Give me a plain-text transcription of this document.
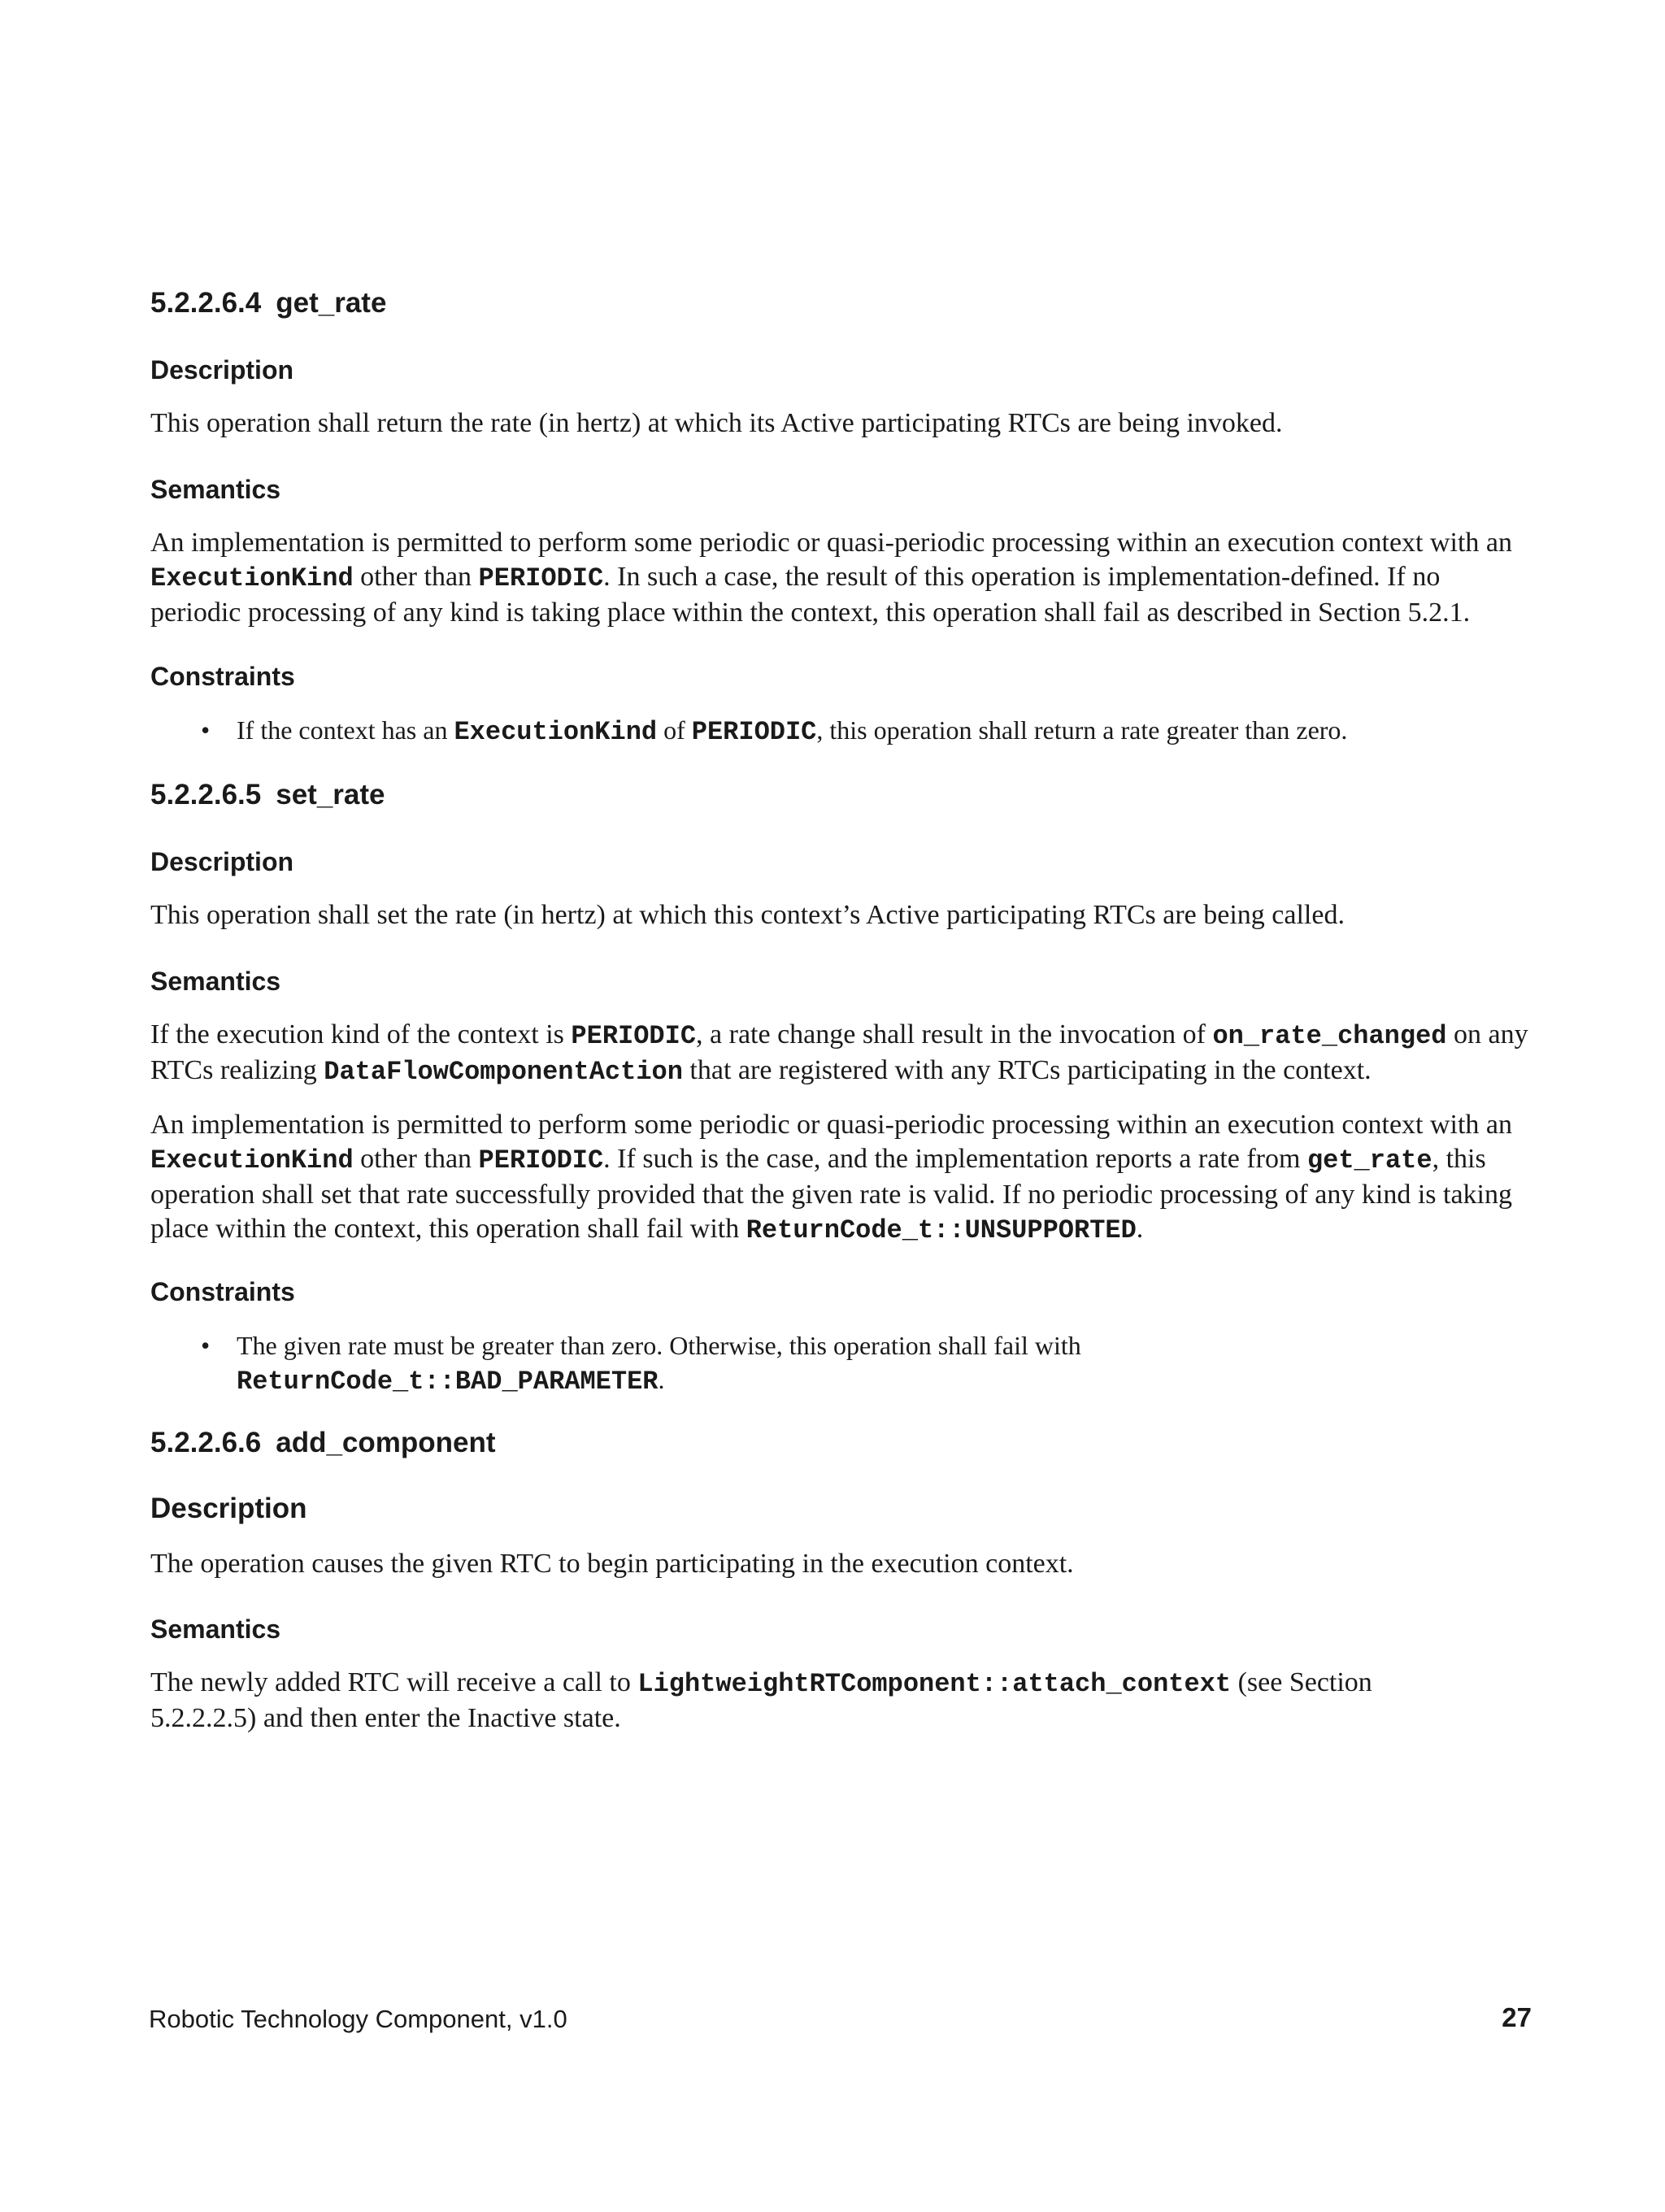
5.2.2.6.4 get_rate
Description

This operation shall return the rate (in hertz) at which its Active participating RTCs are being invoked.

Semantics

An implementation is permitted to perform some periodic or quasi-periodic processing within an execution context with an ExecutionKind other than PERIODIC. In such a case, the result of this operation is implementation-defined. If no periodic processing of any kind is taking place within the context, this operation shall fail as described in Section 5.2.1.

Constraints
• If the context has an ExecutionKind of PERIODIC, this operation shall return a rate greater than zero.
5.2.2.6.5 set_rate
Description

This operation shall set the rate (in hertz) at which this context’s Active participating RTCs are being called.

Semantics

If the execution kind of the context is PERIODIC, a rate change shall result in the invocation of on_rate_changed on any RTCs realizing DataFlowComponentAction that are registered with any RTCs participating in the context.

An implementation is permitted to perform some periodic or quasi-periodic processing within an execution context with an ExecutionKind other than PERIODIC. If such is the case, and the implementation reports a rate from get_rate, this operation shall set that rate successfully provided that the given rate is valid. If no periodic processing of any kind is taking place within the context, this operation shall fail with ReturnCode_t::UNSUPPORTED.

Constraints
• The given rate must be greater than zero. Otherwise, this operation shall fail with
ReturnCode_t::BAD_PARAMETER.
5.2.2.6.6 add_component
Description

The operation causes the given RTC to begin participating in the execution context.

Semantics

The newly added RTC will receive a call to LightweightRTComponent::attach_context (see Section
5.2.2.2.5) and then enter the Inactive state.

Robotic Technology Component, v1.0	27
